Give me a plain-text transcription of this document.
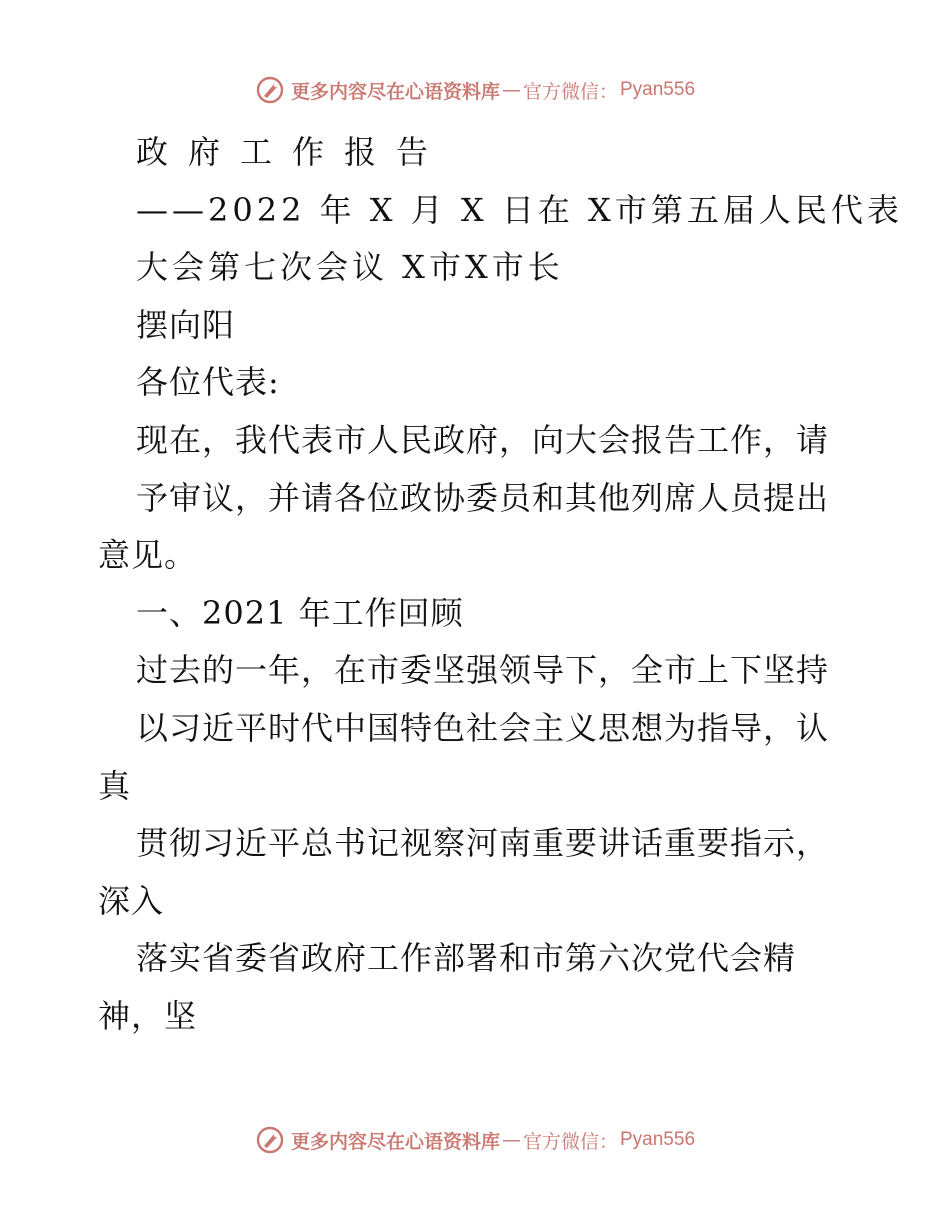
更多内容尽在心语资料库 — 官方微信： Pyan556
政府工作报告
——2022 年 X 月 X 日在 X市第五届人民代表
大会第七次会议 X市X市长
摆向阳
各位代表:
现在，我代表市人民政府，向大会报告工作，请
予审议，并请各位政协委员和其他列席人员提出
意见。
一、2021 年工作回顾
过去的一年，在市委坚强领导下，全市上下坚持
以习近平时代中国特色社会主义思想为指导，认
真
贯彻习近平总书记视察河南重要讲话重要指示，
深入
落实省委省政府工作部署和市第六次党代会精
神，坚
更多内容尽在心语资料库 — 官方微信： Pyan556
